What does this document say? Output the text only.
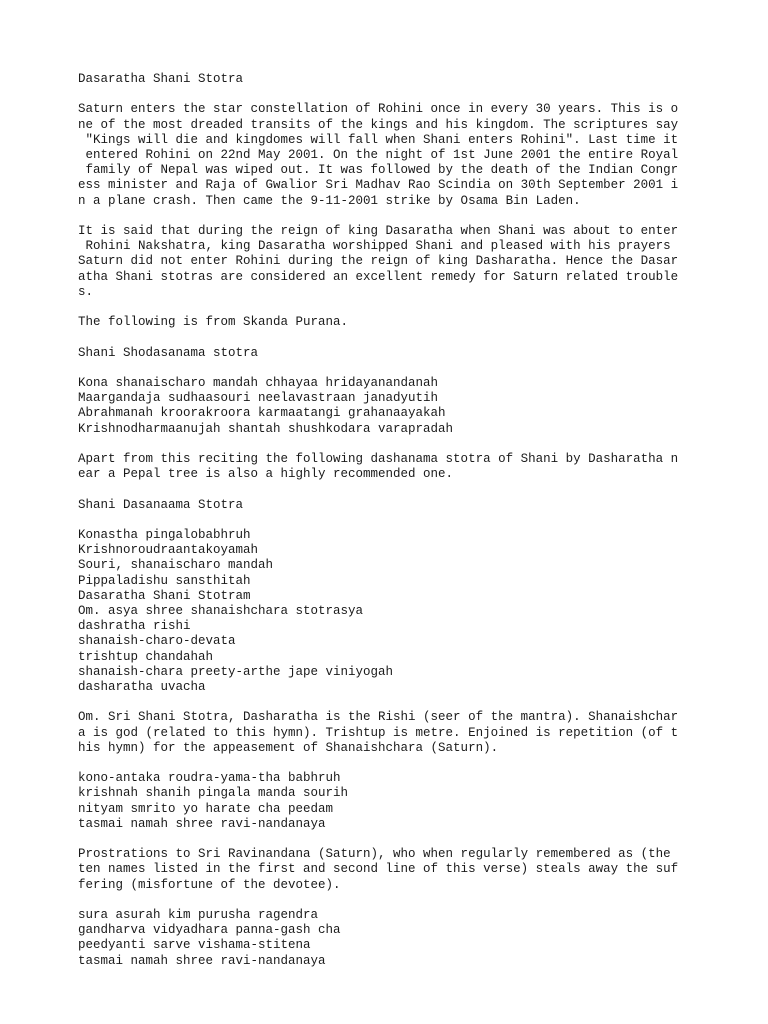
Dasaratha Shani Stotra
Saturn enters the star constellation of Rohini once in every 30 years. This is o
ne of the most dreaded transits of the kings and his kingdom. The scriptures say
"Kings will die and kingdomes will fall when Shani enters Rohini". Last time it
entered Rohini on 22nd May 2001. On the night of 1st June 2001 the entire Royal
family of Nepal was wiped out. It was followed by the death of the Indian Congr
ess minister and Raja of Gwalior Sri Madhav Rao Scindia on 30th September 2001 i
n a plane crash. Then came the 9-11-2001 strike by Osama Bin Laden.
It is said that during the reign of king Dasaratha when Shani was about to enter
Rohini Nakshatra, king Dasaratha worshipped Shani and pleased with his prayers
Saturn did not enter Rohini during the reign of king Dasharatha. Hence the Dasar
atha Shani stotras are considered an excellent remedy for Saturn related trouble
s.
The following is from Skanda Purana.
Shani Shodasanama stotra
Kona shanaischaro mandah chhayaa hridayanandanah
Maargandaja sudhaasouri neelavastraan janadyutih
Abrahmanah kroorakroora karmaatangi grahanaayakah
Krishnodharmaanujah shantah shushkodara varapradah
Apart from this reciting the following dashanama stotra of Shani by Dasharatha n
ear a Pepal tree is also a highly recommended one.
Shani Dasanaama Stotra
Konastha pingalobabhruh
Krishnoroudraantakoyamah
Souri, shanaischaro mandah
Pippaladishu sansthitah
Dasaratha Shani Stotram
Om. asya shree shanaishchara stotrasya
dashratha rishi
shanaish-charo-devata
trishtup chandahah
shanaish-chara preety-arthe jape viniyogah
dasharatha uvacha
Om. Sri Shani Stotra, Dasharatha is the Rishi (seer of the mantra). Shanaishchar
a is god (related to this hymn). Trishtup is metre. Enjoined is repetition (of t
his hymn) for the appeasement of Shanaishchara (Saturn).
kono-antaka roudra-yama-tha babhruh
krishnah shanih pingala manda sourih
nityam smrito yo harate cha peedam
tasmai namah shree ravi-nandanaya
Prostrations to Sri Ravinandana (Saturn), who when regularly remembered as (the
ten names listed in the first and second line of this verse) steals away the suf
fering (misfortune of the devotee).
sura asurah kim purusha ragendra
gandharva vidyadhara panna-gash cha
peedyanti sarve vishama-stitena
tasmai namah shree ravi-nandanaya
